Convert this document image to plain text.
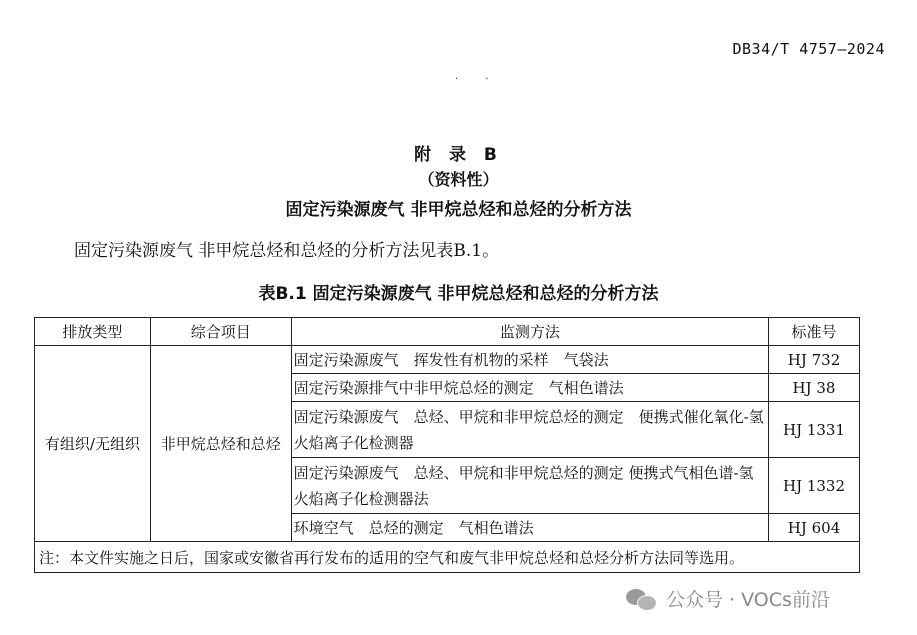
DB34/T 4757—2024
· ·
附 录 B
（资料性）
固定污染源废气 非甲烷总烃和总烃的分析方法
固定污染源废气 非甲烷总烃和总烃的分析方法见表B.1。
表B.1 固定污染源废气 非甲烷总烃和总烃的分析方法
排放类型	综合项目	监测方法	标准号
有组织/无组织	非甲烷总烃和总烃	固定污染源废气　挥发性有机物的采样　气袋法	HJ 732
		固定污染源排气中非甲烷总烃的测定　气相色谱法	HJ 38
		固定污染源废气　总烃、甲烷和非甲烷总烃的测定　便携式催化氧化-氢火焰离子化检测器	HJ 1331
		固定污染源废气　总烃、甲烷和非甲烷总烃的测定 便携式气相色谱-氢火焰离子化检测器法	HJ 1332
		环境空气　总烃的测定　气相色谱法	HJ 604
注：本文件实施之日后，国家或安徽省再行发布的适用的空气和废气非甲烷总烃和总烃分析方法同等选用。			
公众号 · VOCs前沿
